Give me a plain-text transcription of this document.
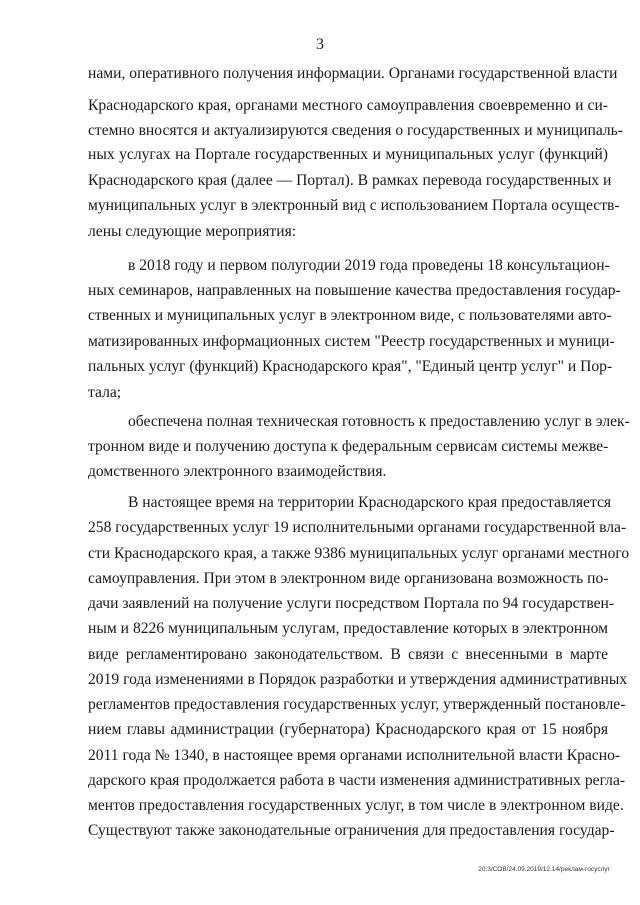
3
нами, оперативного получения информации. Органами государственной власти
Краснодарского края, органами местного самоуправления своевременно и си-
стемно вносятся и актуализируются сведения о государственных и муниципаль-
ных услугах на Портале государственных и муниципальных услуг (функций)
Краснодарского края (далее — Портал). В рамках перевода государственных и
муниципальных услуг в электронный вид с использованием Портала осуществ-
лены следующие мероприятия:
в 2018 году и первом полугодии 2019 года проведены 18 консультацион-
ных семинаров, направленных на повышение качества предоставления государ-
ственных и муниципальных услуг в электронном виде, с пользователями авто-
матизированных информационных систем "Реестр государственных и муници-
пальных услуг (функций) Краснодарского края", "Единый центр услуг" и Пор-
тала;
обеспечена полная техническая готовность к предоставлению услуг в элек-
тронном виде и получению доступа к федеральным сервисам системы межве-
домственного электронного взаимодействия.
В настоящее время на территории Краснодарского края предоставляется
258 государственных услуг 19 исполнительными органами государственной вла-
сти Краснодарского края, а также 9386 муниципальных услуг органами местного
самоуправления. При этом в электронном виде организована возможность по-
дачи заявлений на получение услуги посредством Портала по 94 государствен-
ным и 8226 муниципальным услугам, предоставление которых в электронном
виде регламентировано законодательством. В связи с внесенными в марте
2019 года изменениями в Порядок разработки и утверждения административных
регламентов предоставления государственных услуг, утвержденный постановле-
нием главы администрации (губернатора) Краснодарского края от 15 ноября
2011 года № 1340, в настоящее время органами исполнительной власти Красно-
дарского края продолжается работа в части изменения административных регла-
ментов предоставления государственных услуг, в том числе в электронном виде.
Существуют также законодательные ограничения для предоставления государ-
20.3/СОВ/24.09.2019/12.14/реклам-госуслуг
